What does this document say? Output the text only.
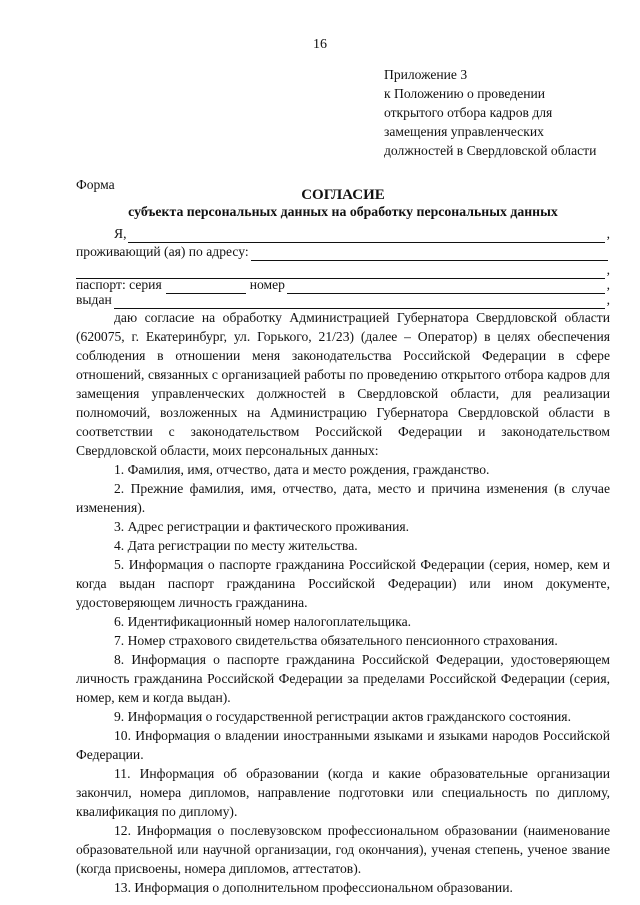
16
Приложение 3
к Положению о проведении
открытого отбора кадров для
замещения управленческих
должностей в Свердловской области
Форма
СОГЛАСИЕ
субъекта персональных данных на обработку персональных данных
Я,	,
проживающий (ая) по адресу:
,
паспорт: серия	номер	,
выдан	,
даю согласие на обработку Администрацией Губернатора Свердловской области (620075, г. Екатеринбург, ул. Горького, 21/23) (далее – Оператор) в целях обеспечения соблюдения в отношении меня законодательства Российской Федерации в сфере отношений, связанных с организацией работы по проведению открытого отбора кадров для замещения управленческих должностей в Свердловской области, для реализации полномочий, возложенных на Администрацию Губернатора Свердловской области в соответствии с законодательством Российской Федерации и законодательством Свердловской области, моих персональных данных:
1. Фамилия, имя, отчество, дата и место рождения, гражданство.
2. Прежние фамилия, имя, отчество, дата, место и причина изменения (в случае изменения).
3. Адрес регистрации и фактического проживания.
4. Дата регистрации по месту жительства.
5. Информация о паспорте гражданина Российской Федерации (серия, номер, кем и когда выдан паспорт гражданина Российской Федерации) или ином документе, удостоверяющем личность гражданина.
6. Идентификационный номер налогоплательщика.
7. Номер страхового свидетельства обязательного пенсионного страхования.
8. Информация о паспорте гражданина Российской Федерации, удостоверяющем личность гражданина Российской Федерации за пределами Российской Федерации (серия, номер, кем и когда выдан).
9. Информация о государственной регистрации актов гражданского состояния.
10. Информация о владении иностранными языками и языками народов Российской Федерации.
11. Информация об образовании (когда и какие образовательные организации закончил, номера дипломов, направление подготовки или специальность по диплому, квалификация по диплому).
12. Информация о послевузовском профессиональном образовании (наименование образовательной или научной организации, год окончания), ученая степень, ученое звание (когда присвоены, номера дипломов, аттестатов).
13. Информация о дополнительном профессиональном образовании.
